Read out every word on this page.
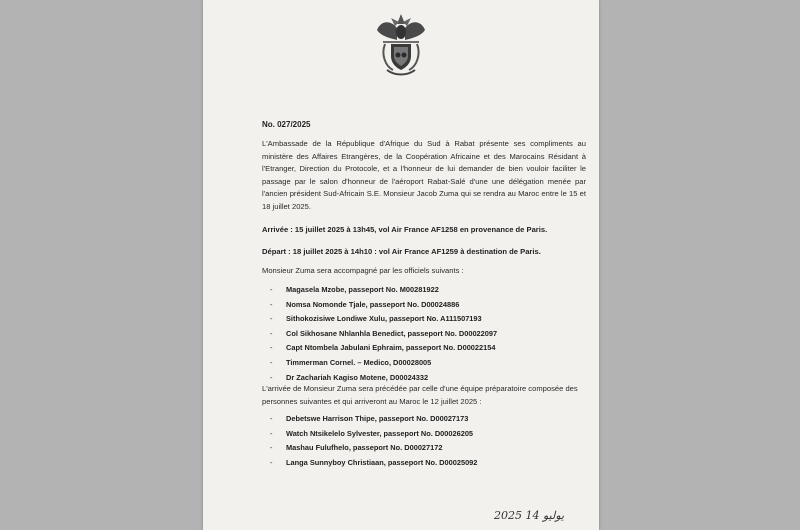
No. 027/2025
L'Ambassade de la République d'Afrique du Sud à Rabat présente ses compliments au ministère des Affaires Etrangères, de la Coopération Africaine et des Marocains Résidant à l'Etranger, Direction du Protocole, et a l'honneur de lui demander de bien vouloir faciliter le passage par le salon d'honneur de l'aéroport Rabat-Salé d'une une délégation menée par l'ancien président Sud-Africain S.E. Monsieur Jacob Zuma qui se rendra au Maroc entre le 15 et 18 juillet 2025.
Arrivée : 15 juillet 2025 à 13h45, vol Air France AF1258 en provenance de Paris.
Départ : 18 juillet 2025 à 14h10 : vol Air France AF1259 à destination de Paris.
Monsieur Zuma sera accompagné par les officiels suivants :
- Magasela Mzobe, passeport No. M00281922
- Nomsa Nomonde Tjale, passeport No. D00024886
- Sithokozisiwe Londiwe Xulu, passeport No. A111507193
- Col Sikhosane Nhlanhla Benedict, passeport No. D00022097
- Capt Ntombela Jabulani Ephraim, passeport No. D00022154
- Timmerman Cornel. – Medico, D00028005
- Dr Zachariah Kagiso Motene, D00024332
L'arrivée de Monsieur Zuma sera précédée par celle d'une équipe préparatoire composée des personnes suivantes et qui arriveront au Maroc le 12 juillet 2025 :
- Debetswe Harrison Thipe, passeport No. D00027173
- Watch Ntsikelelo Sylvester, passeport No. D00026205
- Mashau Fulufhelo, passeport No. D00027172
- Langa Sunnyboy Christiaan, passeport No. D00025092
2025 يوليو 14
